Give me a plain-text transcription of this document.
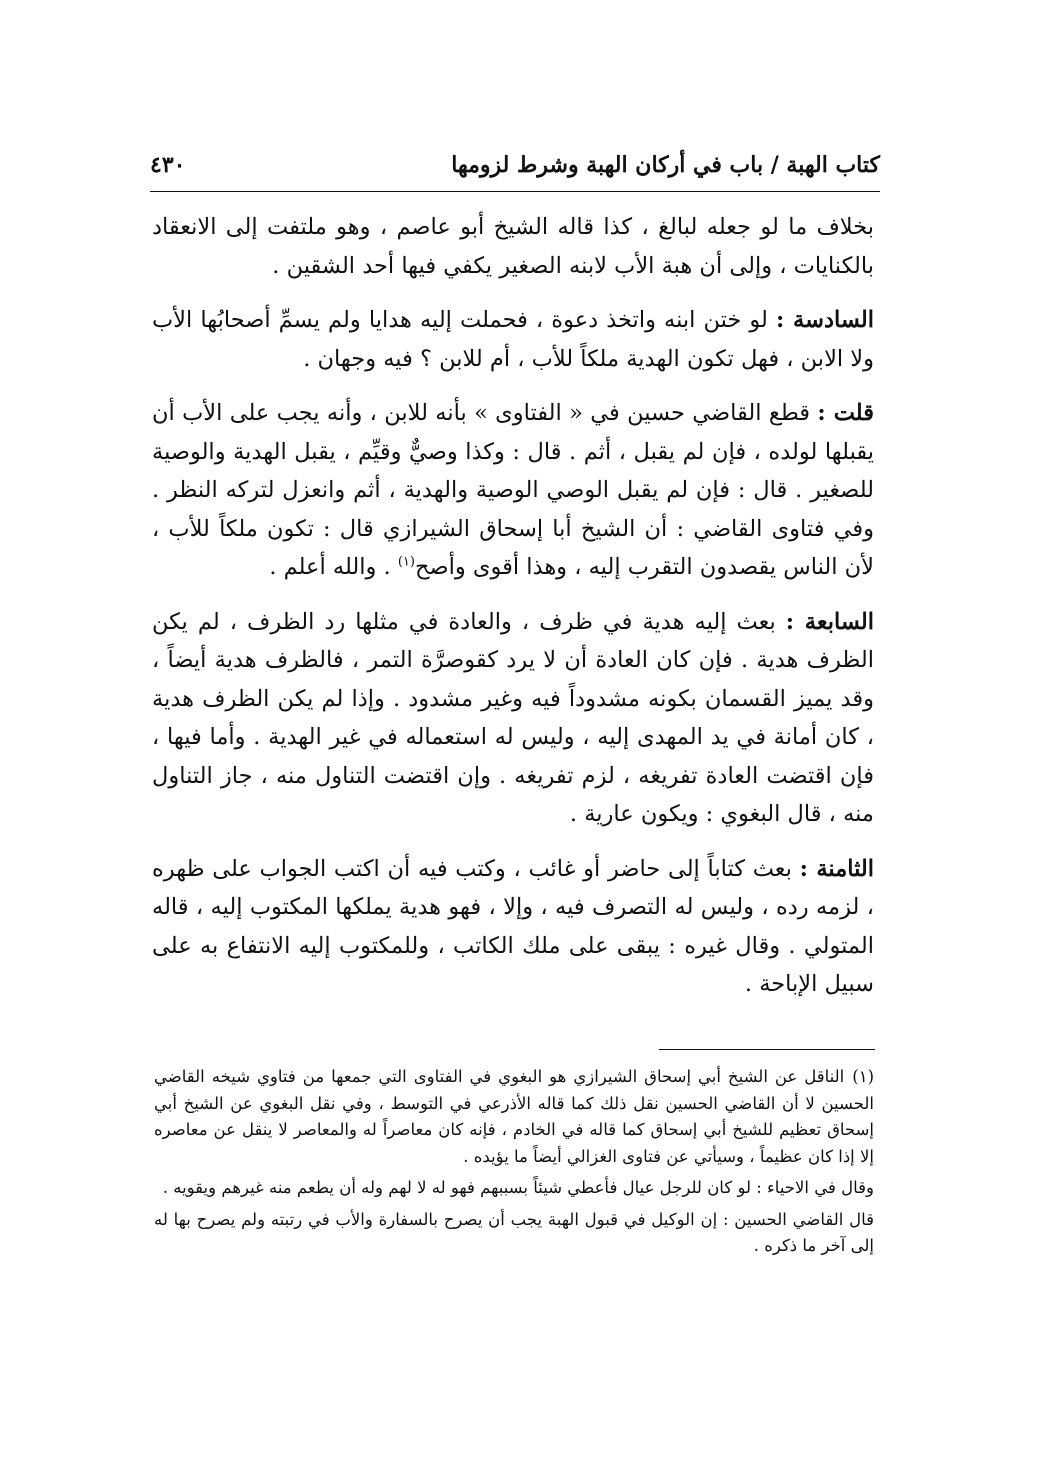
كتاب الهبة / باب في أركان الهبة وشرط لزومها
٤٣٠

بخلاف ما لو جعله لبالغ ، كذا قاله الشيخ أبو عاصم ، وهو ملتفت إلى الانعقاد بالكنايات ، وإلى أن هبة الأب لابنه الصغير يكفي فيها أحد الشقين .

السادسة : لو ختن ابنه واتخذ دعوة ، فحملت إليه هدايا ولم يسمِّ أصحابُها الأب ولا الابن ، فهل تكون الهدية ملكاً للأب ، أم للابن ؟ فيه وجهان .

قلت : قطع القاضي حسين في « الفتاوى » بأنه للابن ، وأنه يجب على الأب أن يقبلها لولده ، فإن لم يقبل ، أثم . قال : وكذا وصيٌّ وقيِّم ، يقبل الهدية والوصية للصغير . قال : فإن لم يقبل الوصي الوصية والهدية ، أثم وانعزل لتركه النظر . وفي فتاوى القاضي : أن الشيخ أبا إسحاق الشيرازي قال : تكون ملكاً للأب ، لأن الناس يقصدون التقرب إليه ، وهذا أقوى وأصح$^{(١)}$ . والله أعلم .

السابعة : بعث إليه هدية في ظرف ، والعادة في مثلها رد الظرف ، لم يكن الظرف هدية . فإن كان العادة أن لا يرد كقوصرَّة التمر ، فالظرف هدية أيضاً ، وقد يميز القسمان بكونه مشدوداً فيه وغير مشدود . وإذا لم يكن الظرف هدية ، كان أمانة في يد المهدى إليه ، وليس له استعماله في غير الهدية . وأما فيها ، فإن اقتضت العادة تفريغه ، لزم تفريغه . وإن اقتضت التناول منه ، جاز التناول منه ، قال البغوي : ويكون عارية .

الثامنة : بعث كتاباً إلى حاضر أو غائب ، وكتب فيه أن اكتب الجواب على ظهره ، لزمه رده ، وليس له التصرف فيه ، وإلا ، فهو هدية يملكها المكتوب إليه ، قاله المتولي . وقال غيره : يبقى على ملك الكاتب ، وللمكتوب إليه الانتفاع به على سبيل الإباحة .

(١)الناقل عن الشيخ أبي إسحاق الشيرازي هو البغوي في الفتاوى التي جمعها من فتاوي شيخه القاضي الحسين لا أن القاضي الحسين نقل ذلك كما قاله الأذرعي في التوسط ، وفي نقل البغوي عن الشيخ أبي إسحاق تعظيم للشيخ أبي إسحاق كما قاله في الخادم ، فإنه كان معاصراً له والمعاصر لا ينقل عن معاصره إلا إذا كان عظيماً ، وسيأتي عن فتاوى الغزالي أيضاً ما يؤيده .

وقال في الاحياء : لو كان للرجل عيال فأعطي شيئاً بسببهم فهو له لا لهم وله أن يطعم منه غيرهم ويقويه .

قال القاضي الحسين : إن الوكيل في قبول الهبة يجب أن يصرح بالسفارة والأب في رتبته ولم يصرح بها له إلى آخر ما ذكره .
